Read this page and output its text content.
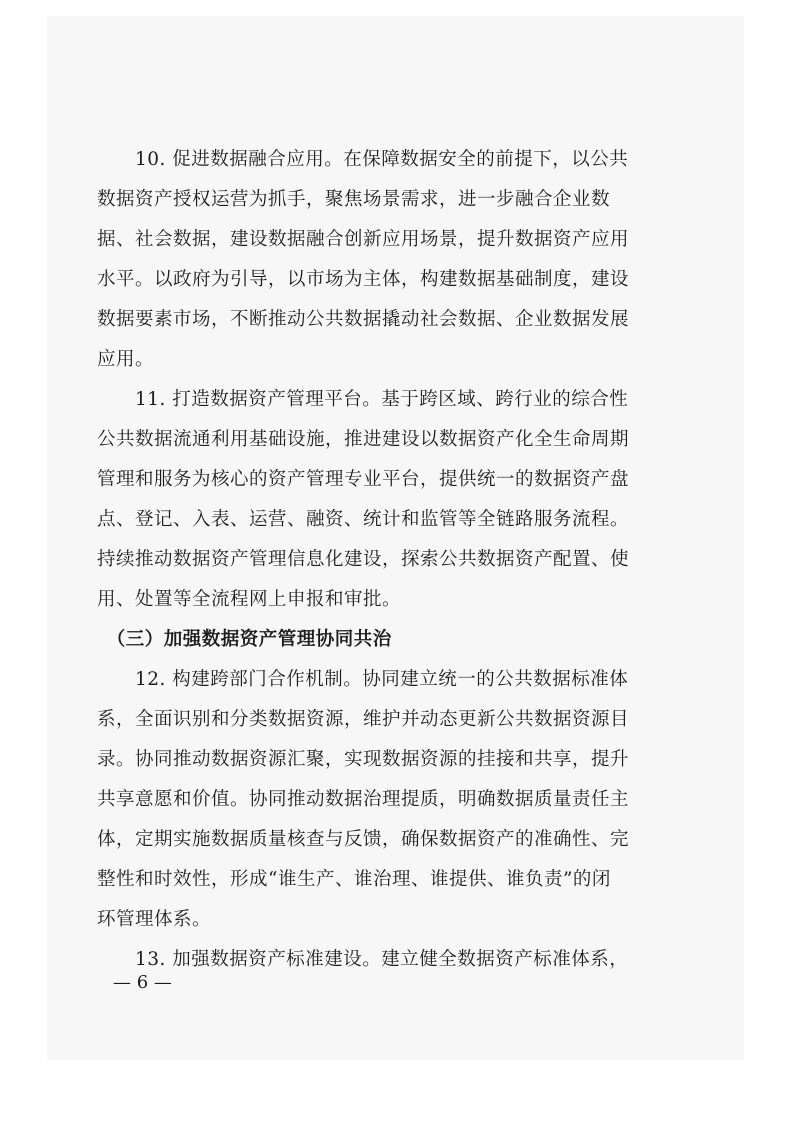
　　10. 促进数据融合应用。在保障数据安全的前提下，以公共
数据资产授权运营为抓手，聚焦场景需求，进一步融合企业数
据、社会数据，建设数据融合创新应用场景，提升数据资产应用
水平。以政府为引导，以市场为主体，构建数据基础制度，建设
数据要素市场，不断推动公共数据撬动社会数据、企业数据发展
应用。
　　11. 打造数据资产管理平台。基于跨区域、跨行业的综合性
公共数据流通利用基础设施，推进建设以数据资产化全生命周期
管理和服务为核心的资产管理专业平台，提供统一的数据资产盘
点、登记、入表、运营、融资、统计和监管等全链路服务流程。
持续推动数据资产管理信息化建设，探索公共数据资产配置、使
用、处置等全流程网上申报和审批。
　（三）加强数据资产管理协同共治
　　12. 构建跨部门合作机制。协同建立统一的公共数据标准体
系，全面识别和分类数据资源，维护并动态更新公共数据资源目
录。协同推动数据资源汇聚，实现数据资源的挂接和共享，提升
共享意愿和价值。协同推动数据治理提质，明确数据质量责任主
体，定期实施数据质量核查与反馈，确保数据资产的准确性、完
整性和时效性，形成“谁生产、谁治理、谁提供、谁负责”的闭
环管理体系。
　　13. 加强数据资产标准建设。建立健全数据资产标准体系，
— 6 —
